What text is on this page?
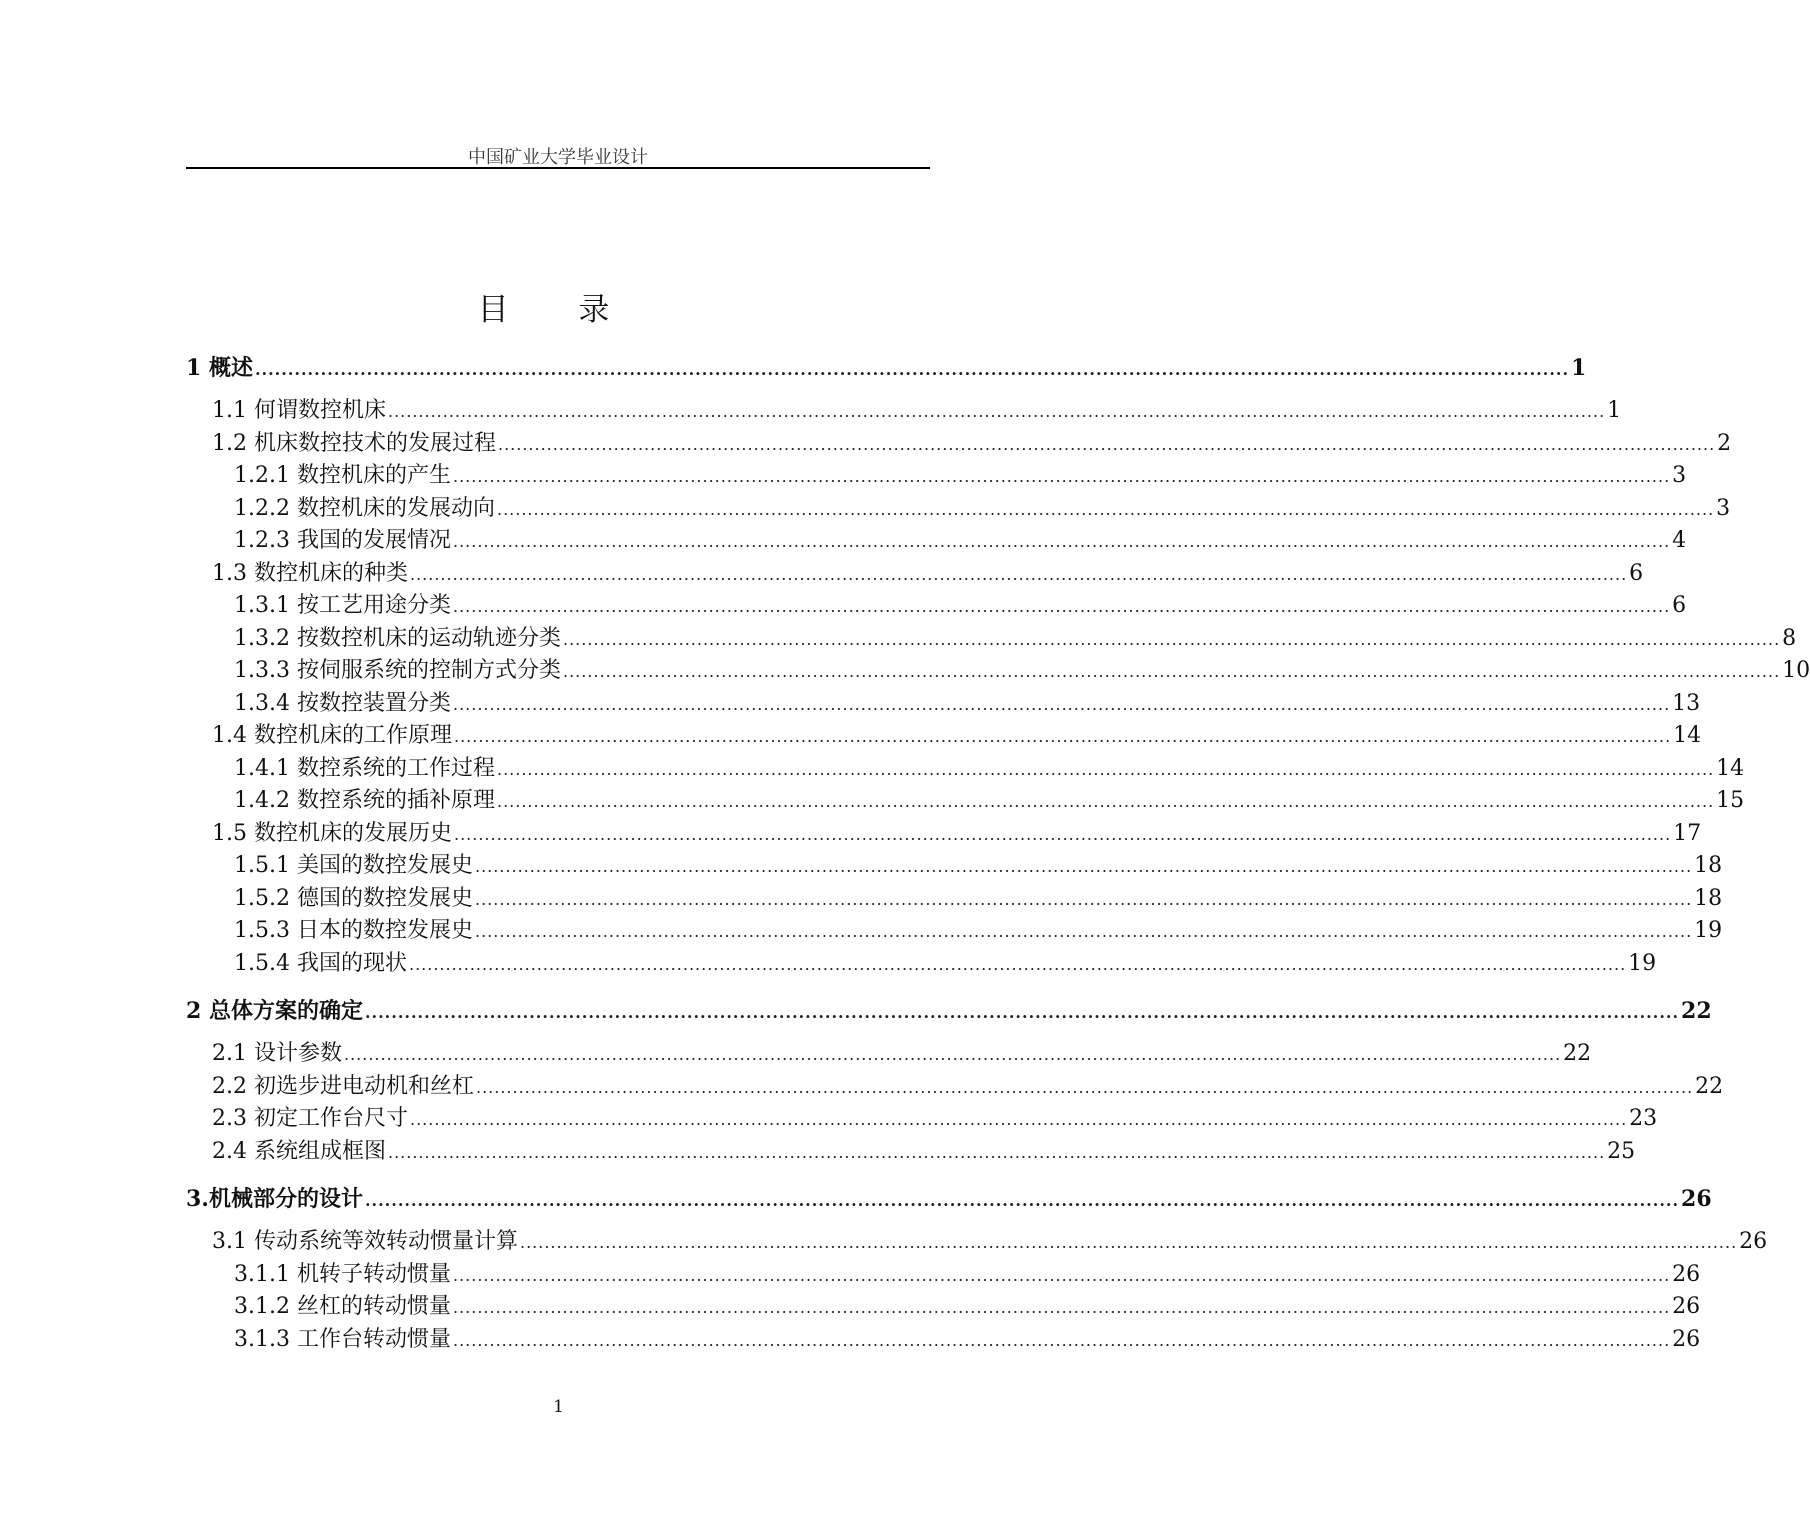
中国矿业大学毕业设计
目 录
1 概述 ........................................................................................................................................................................................................ 1
1.1 何谓数控机床 ........................................................................................................................................................................................................ 1
1.2 机床数控技术的发展过程 ........................................................................................................................................................................................................ 2
1.2.1 数控机床的产生 ........................................................................................................................................................................................................ 3
1.2.2 数控机床的发展动向 ........................................................................................................................................................................................................ 3
1.2.3 我国的发展情况 ........................................................................................................................................................................................................ 4
1.3 数控机床的种类 ........................................................................................................................................................................................................ 6
1.3.1 按工艺用途分类 ........................................................................................................................................................................................................ 6
1.3.2 按数控机床的运动轨迹分类 ........................................................................................................................................................................................................ 8
1.3.3 按伺服系统的控制方式分类 ........................................................................................................................................................................................................ 10
1.3.4 按数控装置分类 ........................................................................................................................................................................................................ 13
1.4 数控机床的工作原理 ........................................................................................................................................................................................................ 14
1.4.1 数控系统的工作过程 ........................................................................................................................................................................................................ 14
1.4.2 数控系统的插补原理 ........................................................................................................................................................................................................ 15
1.5 数控机床的发展历史 ........................................................................................................................................................................................................ 17
1.5.1 美国的数控发展史 ........................................................................................................................................................................................................ 18
1.5.2 德国的数控发展史 ........................................................................................................................................................................................................ 18
1.5.3 日本的数控发展史 ........................................................................................................................................................................................................ 19
1.5.4 我国的现状 ........................................................................................................................................................................................................ 19
2 总体方案的确定 ........................................................................................................................................................................................................ 22
2.1 设计参数 ........................................................................................................................................................................................................ 22
2.2 初选步进电动机和丝杠 ........................................................................................................................................................................................................ 22
2.3 初定工作台尺寸 ........................................................................................................................................................................................................ 23
2.4 系统组成框图 ........................................................................................................................................................................................................ 25
3.机械部分的设计 ........................................................................................................................................................................................................ 26
3.1 传动系统等效转动惯量计算 ........................................................................................................................................................................................................ 26
3.1.1 机转子转动惯量 ........................................................................................................................................................................................................ 26
3.1.2 丝杠的转动惯量 ........................................................................................................................................................................................................ 26
3.1.3 工作台转动惯量 ........................................................................................................................................................................................................ 26
1
